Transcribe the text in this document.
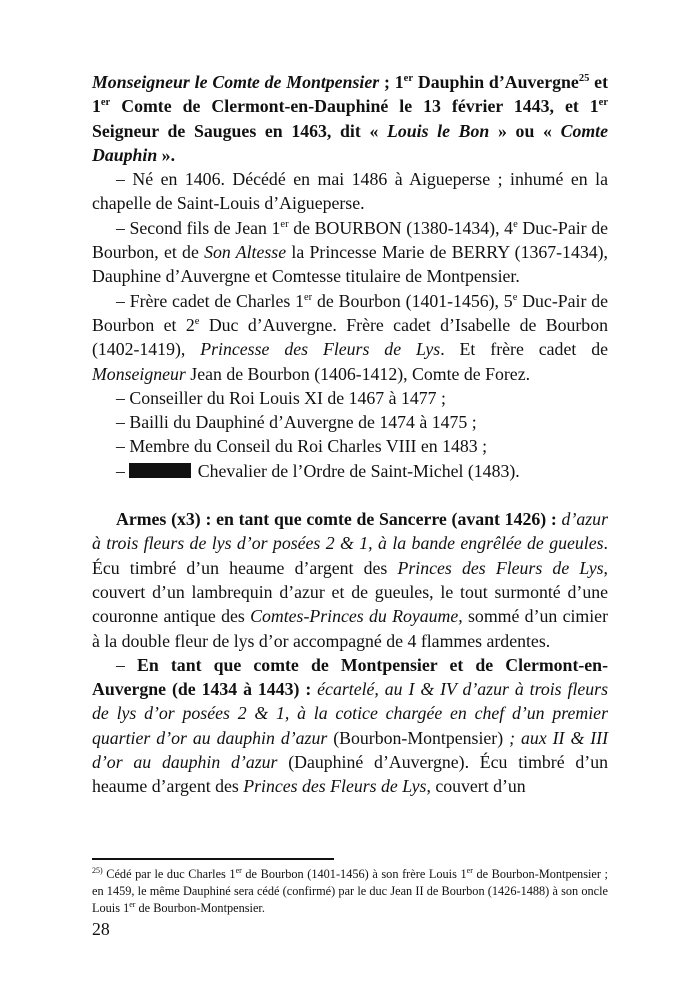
Monseigneur le Comte de Montpensier ; 1er Dauphin d’Auvergne$^{25}$ et 1er Comte de Clermont-en-Dauphiné le 13 février 1443, et 1er Seigneur de Saugues en 1463, dit « Louis le Bon » ou « Comte Dauphin ».

– Né en 1406. Décédé en mai 1486 à Aigueperse ; inhumé en la chapelle de Saint-Louis d’Aigueperse.

– Second fils de Jean 1er de BOURBON (1380-1434), 4e Duc-Pair de Bourbon, et de Son Altesse la Princesse Marie de BERRY (1367-1434), Dauphine d’Auvergne et Comtesse titulaire de Montpensier.

– Frère cadet de Charles 1er de Bourbon (1401-1456), 5e Duc-Pair de Bourbon et 2e Duc d’Auvergne. Frère cadet d’Isabelle de Bourbon (1402-1419), Princesse des Fleurs de Lys. Et frère cadet de Monseigneur Jean de Bourbon (1406-1412), Comte de Forez.

– Conseiller du Roi Louis XI de 1467 à 1477 ;

– Bailli du Dauphiné d’Auvergne de 1474 à 1475 ;

– Membre du Conseil du Roi Charles VIII en 1483 ;

–	Chevalier de l’Ordre de Saint-Michel (1483).

Armes (x3) : en tant que comte de Sancerre (avant 1426) : d’azur à trois fleurs de lys d’or posées 2 & 1, à la bande engrêlée de gueules. Écu timbré d’un heaume d’argent des Princes des Fleurs de Lys, couvert d’un lambrequin d’azur et de gueules, le tout surmonté d’une couronne antique des Comtes-Princes du Royaume, sommé d’un cimier à la double fleur de lys d’or accompagné de 4 flammes ardentes.

– En tant que comte de Montpensier et de Clermont-en-Auvergne (de 1434 à 1443) : écartelé, au I & IV d’azur à trois fleurs de lys d’or posées 2 & 1, à la cotice chargée en chef d’un premier quartier d’or au dauphin d’azur (Bourbon-Montpensier) ; aux II & III d’or au dauphin d’azur (Dauphiné d’Auvergne). Écu timbré d’un heaume d’argent des Princes des Fleurs de Lys, couvert d’un

$^{25)}$ Cédé par le duc Charles 1er de Bourbon (1401-1456) à son frère Louis 1er de Bourbon-Montpensier ; en 1459, le même Dauphiné sera cédé (confirmé) par le duc Jean II de Bourbon (1426-1488) à son oncle Louis 1er de Bourbon-Montpensier.

28
